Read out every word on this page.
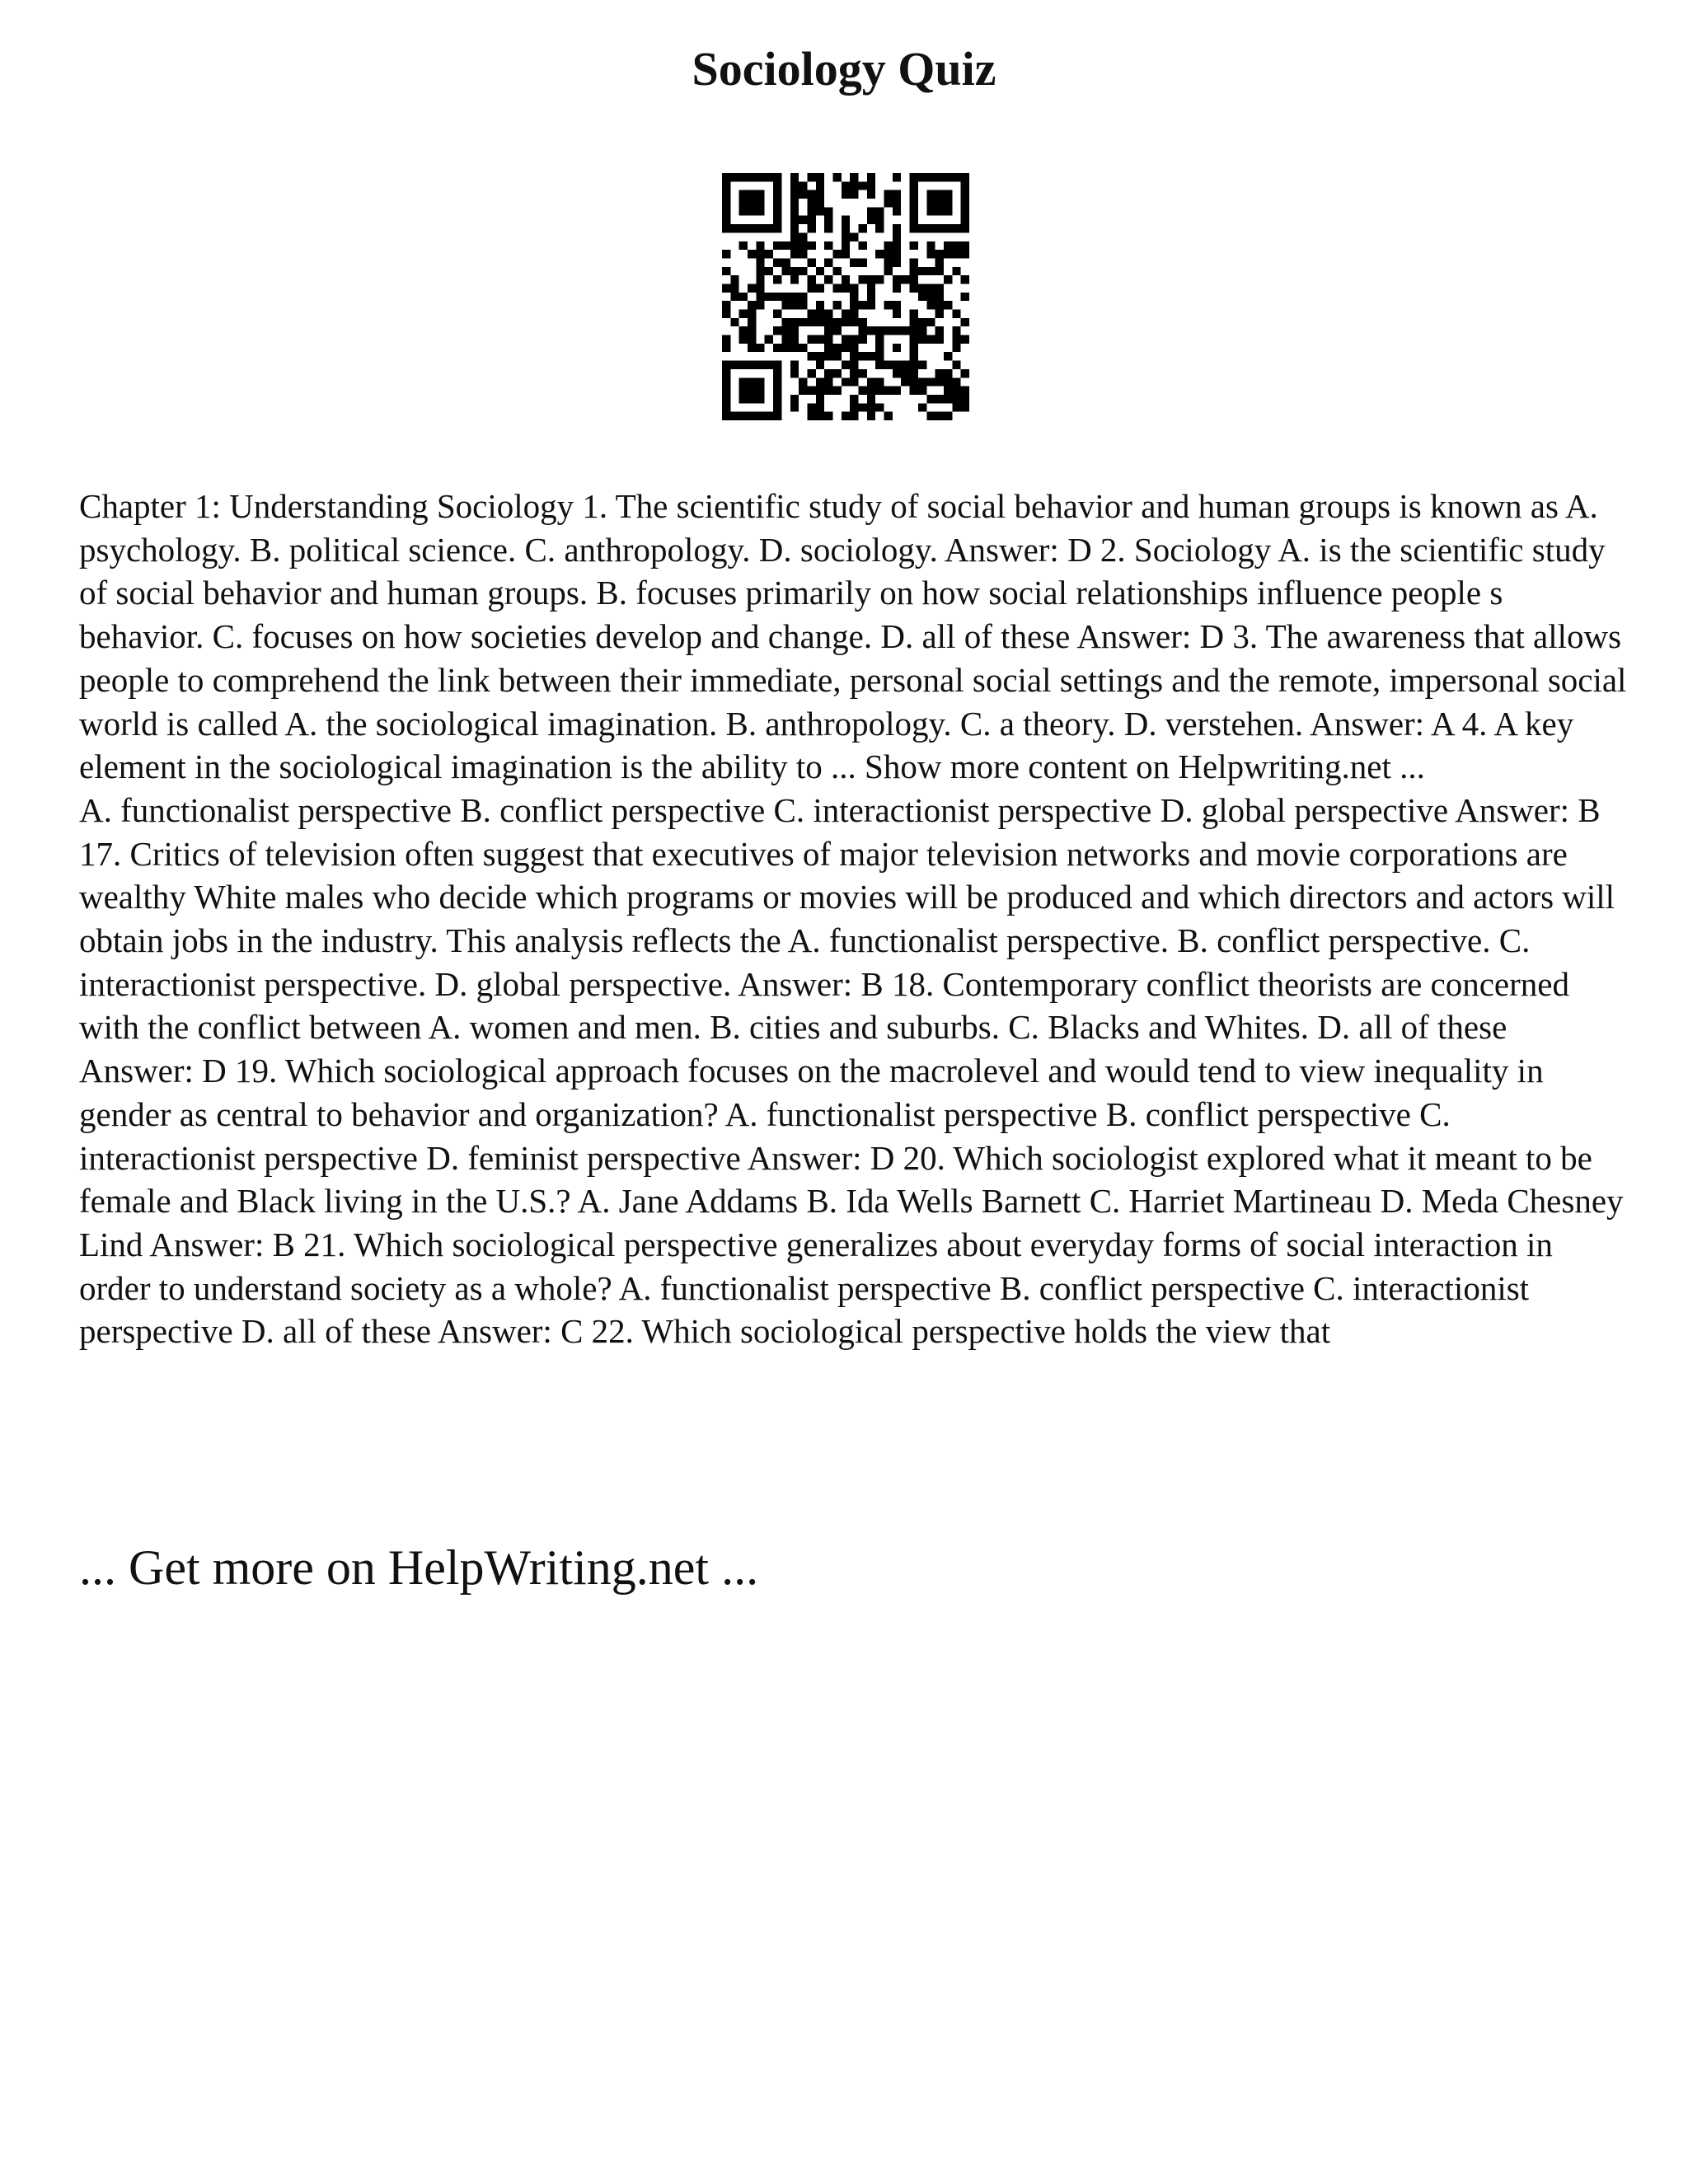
Sociology Quiz

Chapter 1: Understanding Sociology 1. The scientific study of social behavior and human groups is known as A. psychology. B. political science. C. anthropology. D. sociology. Answer: D 2. Sociology A. is the scientific study of social behavior and human groups. B. focuses primarily on how social relationships influence people s behavior. C. focuses on how societies develop and change. D. all of these Answer: D 3. The awareness that allows people to comprehend the link between their immediate, personal social settings and the remote, impersonal social world is called A. the sociological imagination. B. anthropology. C. a theory. D. verstehen. Answer: A 4. A key element in the sociological imagination is the ability to ... Show more content on Helpwriting.net ...

A. functionalist perspective B. conflict perspective C. interactionist perspective D. global perspective Answer: B 17. Critics of television often suggest that executives of major television networks and movie corporations are wealthy White males who decide which programs or movies will be produced and which directors and actors will obtain jobs in the industry. This analysis reflects the A. functionalist perspective. B. conflict perspective. C. interactionist perspective. D. global perspective. Answer: B 18. Contemporary conflict theorists are concerned with the conflict between A. women and men. B. cities and suburbs. C. Blacks and Whites. D. all of these Answer: D 19. Which sociological approach focuses on the macrolevel and would tend to view inequality in gender as central to behavior and organization? A. functionalist perspective B. conflict perspective C. interactionist perspective D. feminist perspective Answer: D 20. Which sociologist explored what it meant to be female and Black living in the U.S.? A. Jane Addams B. Ida Wells Barnett C. Harriet Martineau D. Meda Chesney Lind Answer: B 21. Which sociological perspective generalizes about everyday forms of social interaction in order to understand society as a whole? A. functionalist perspective B. conflict perspective C. interactionist perspective D. all of these Answer: C 22. Which sociological perspective holds the view that

... Get more on HelpWriting.net ...
